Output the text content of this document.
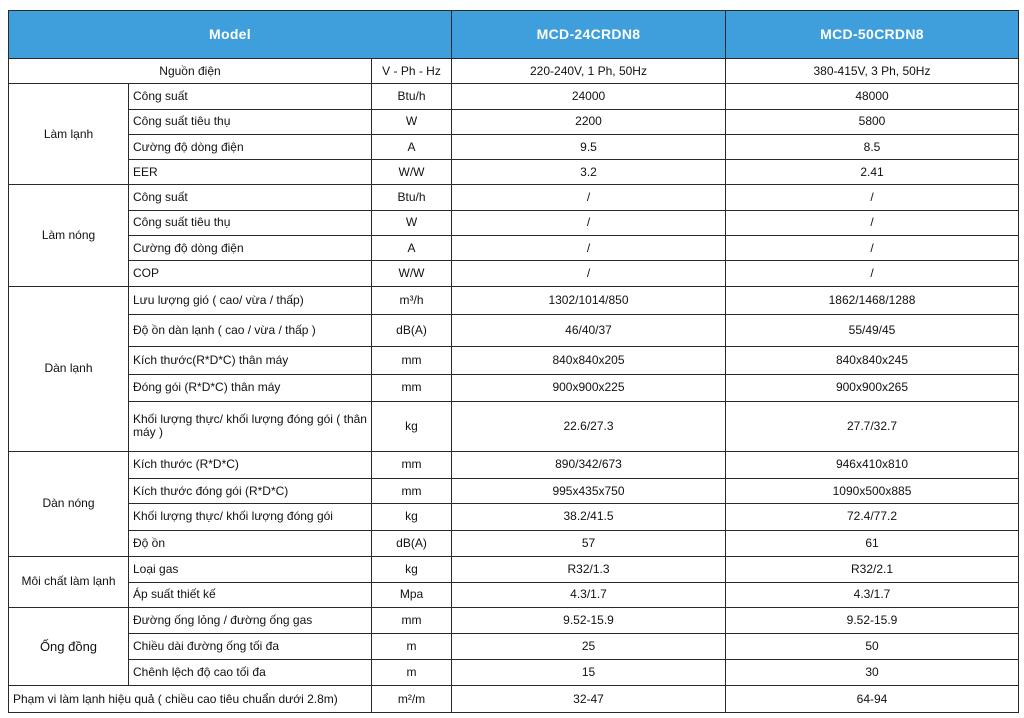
Model			MCD-24CRDN8	MCD-50CRDN8
Nguồn điện		V - Ph - Hz	220-240V, 1 Ph, 50Hz	380-415V, 3 Ph, 50Hz
Làm lạnh	Công suất	Btu/h	24000	48000
	Công suất tiêu thụ	W	2200	5800
	Cường độ dòng điện	A	9.5	8.5
	EER	W/W	3.2	2.41
Làm nóng	Công suất	Btu/h	/	/
	Công suất tiêu thụ	W	/	/
	Cường độ dòng điện	A	/	/
	COP	W/W	/	/
Dàn lạnh	Lưu lượng gió ( cao/ vừa / thấp)	m³/h	1302/1014/850	1862/1468/1288
	Độ ồn dàn lạnh ( cao / vừa / thấp )	dB(A)	46/40/37	55/49/45
	Kích thước(R*D*C) thân máy	mm	840x840x205	840x840x245
	Đóng gói (R*D*C) thân máy	mm	900x900x225	900x900x265
	Khối lượng thực/ khối lượng đóng gói ( thân máy )	kg	22.6/27.3	27.7/32.7
Dàn nóng	Kích thước (R*D*C)	mm	890/342/673	946x410x810
	Kích thước đóng gói (R*D*C)	mm	995x435x750	1090x500x885
	Khối lượng thực/ khối lượng đóng gói	kg	38.2/41.5	72.4/77.2
	Độ ồn	dB(A)	57	61
Môi chất làm lạnh	Loại gas	kg	R32/1.3	R32/2.1
	Áp suất thiết kế	Mpa	4.3/1.7	4.3/1.7
Ống đồng	Đường ống lỏng / đường ống gas	mm	9.52-15.9	9.52-15.9
	Chiều dài đường ống tối đa	m	25	50
	Chênh lệch độ cao tối đa	m	15	30
Phạm vi làm lạnh hiệu quả ( chiều cao tiêu chuẩn dưới 2.8m)		m²/m	32-47	64-94
